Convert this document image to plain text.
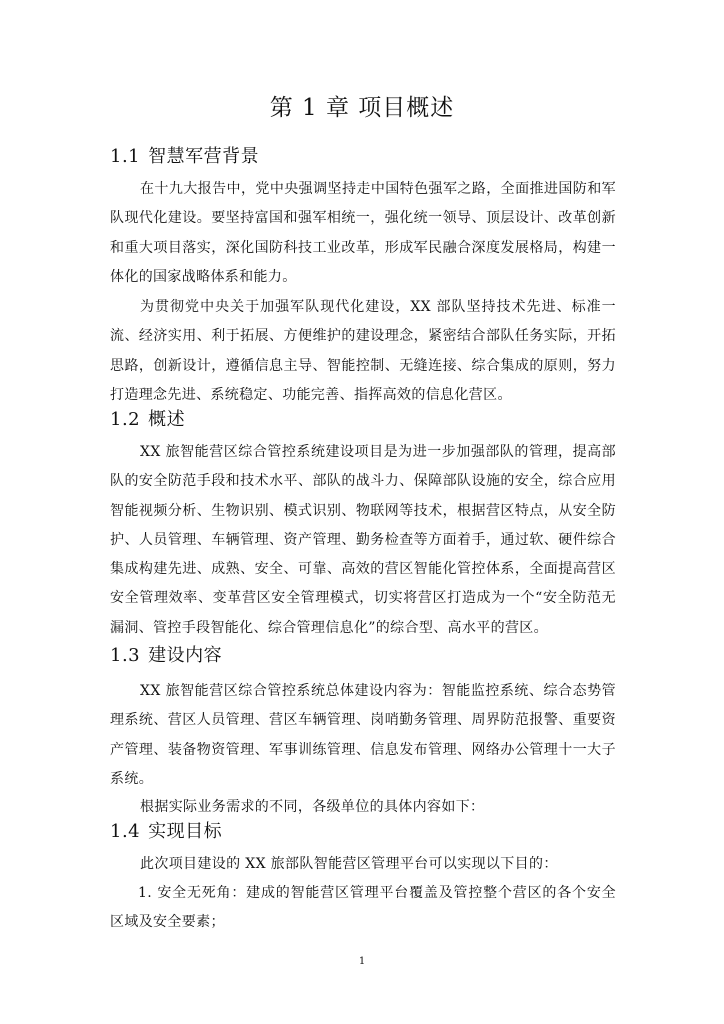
第 1 章 项目概述
1.1 智慧军营背景
在十九大报告中，党中央强调坚持走中国特色强军之路，全面推进国防和军队现代化建设。要坚持富国和强军相统一，强化统一领导、顶层设计、改革创新和重大项目落实，深化国防科技工业改革，形成军民融合深度发展格局，构建一体化的国家战略体系和能力。
为贯彻党中央关于加强军队现代化建设，XX 部队坚持技术先进、标准一流、经济实用、利于拓展、方便维护的建设理念，紧密结合部队任务实际，开拓思路，创新设计，遵循信息主导、智能控制、无缝连接、综合集成的原则，努力打造理念先进、系统稳定、功能完善、指挥高效的信息化营区。
1.2 概述
XX 旅智能营区综合管控系统建设项目是为进一步加强部队的管理，提高部队的安全防范手段和技术水平、部队的战斗力、保障部队设施的安全，综合应用智能视频分析、生物识别、模式识别、物联网等技术，根据营区特点，从安全防护、人员管理、车辆管理、资产管理、勤务检查等方面着手，通过软、硬件综合集成构建先进、成熟、安全、可靠、高效的营区智能化管控体系，全面提高营区安全管理效率、变革营区安全管理模式，切实将营区打造成为一个“安全防范无漏洞、管控手段智能化、综合管理信息化”的综合型、高水平的营区。
1.3 建设内容
XX 旅智能营区综合管控系统总体建设内容为：智能监控系统、综合态势管理系统、营区人员管理、营区车辆管理、岗哨勤务管理、周界防范报警、重要资产管理、装备物资管理、军事训练管理、信息发布管理、网络办公管理十一大子系统。
根据实际业务需求的不同，各级单位的具体内容如下：
1.4 实现目标
此次项目建设的 XX 旅部队智能营区管理平台可以实现以下目的：
1. 安全无死角：建成的智能营区管理平台覆盖及管控整个营区的各个安全区域及安全要素；
1
